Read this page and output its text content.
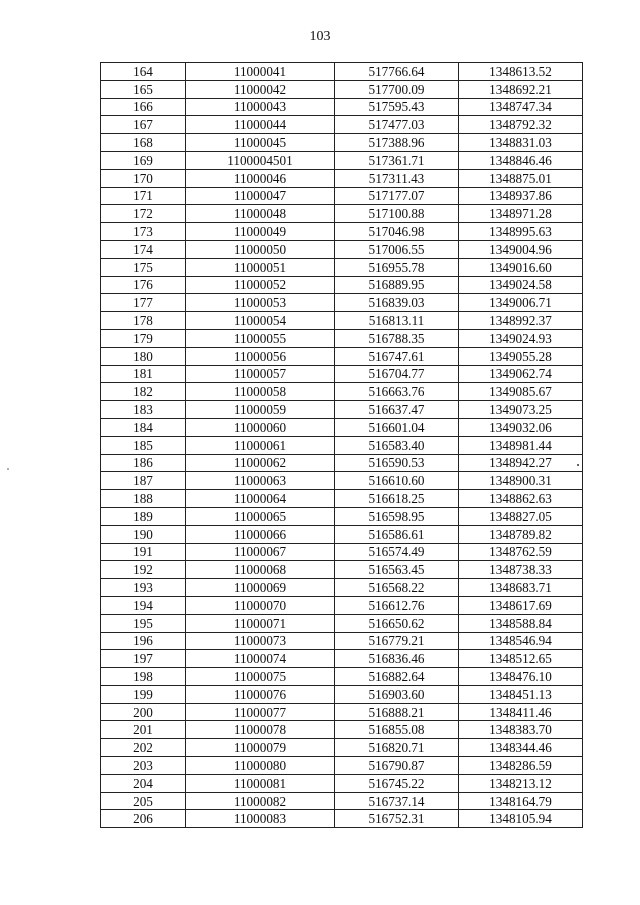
103
164	11000041	517766.64	1348613.52
165	11000042	517700.09	1348692.21
166	11000043	517595.43	1348747.34
167	11000044	517477.03	1348792.32
168	11000045	517388.96	1348831.03
169	1100004501	517361.71	1348846.46
170	11000046	517311.43	1348875.01
171	11000047	517177.07	1348937.86
172	11000048	517100.88	1348971.28
173	11000049	517046.98	1348995.63
174	11000050	517006.55	1349004.96
175	11000051	516955.78	1349016.60
176	11000052	516889.95	1349024.58
177	11000053	516839.03	1349006.71
178	11000054	516813.11	1348992.37
179	11000055	516788.35	1349024.93
180	11000056	516747.61	1349055.28
181	11000057	516704.77	1349062.74
182	11000058	516663.76	1349085.67
183	11000059	516637.47	1349073.25
184	11000060	516601.04	1349032.06
185	11000061	516583.40	1348981.44
186	11000062	516590.53	1348942.27
187	11000063	516610.60	1348900.31
188	11000064	516618.25	1348862.63
189	11000065	516598.95	1348827.05
190	11000066	516586.61	1348789.82
191	11000067	516574.49	1348762.59
192	11000068	516563.45	1348738.33
193	11000069	516568.22	1348683.71
194	11000070	516612.76	1348617.69
195	11000071	516650.62	1348588.84
196	11000073	516779.21	1348546.94
197	11000074	516836.46	1348512.65
198	11000075	516882.64	1348476.10
199	11000076	516903.60	1348451.13
200	11000077	516888.21	1348411.46
201	11000078	516855.08	1348383.70
202	11000079	516820.71	1348344.46
203	11000080	516790.87	1348286.59
204	11000081	516745.22	1348213.12
205	11000082	516737.14	1348164.79
206	11000083	516752.31	1348105.94
